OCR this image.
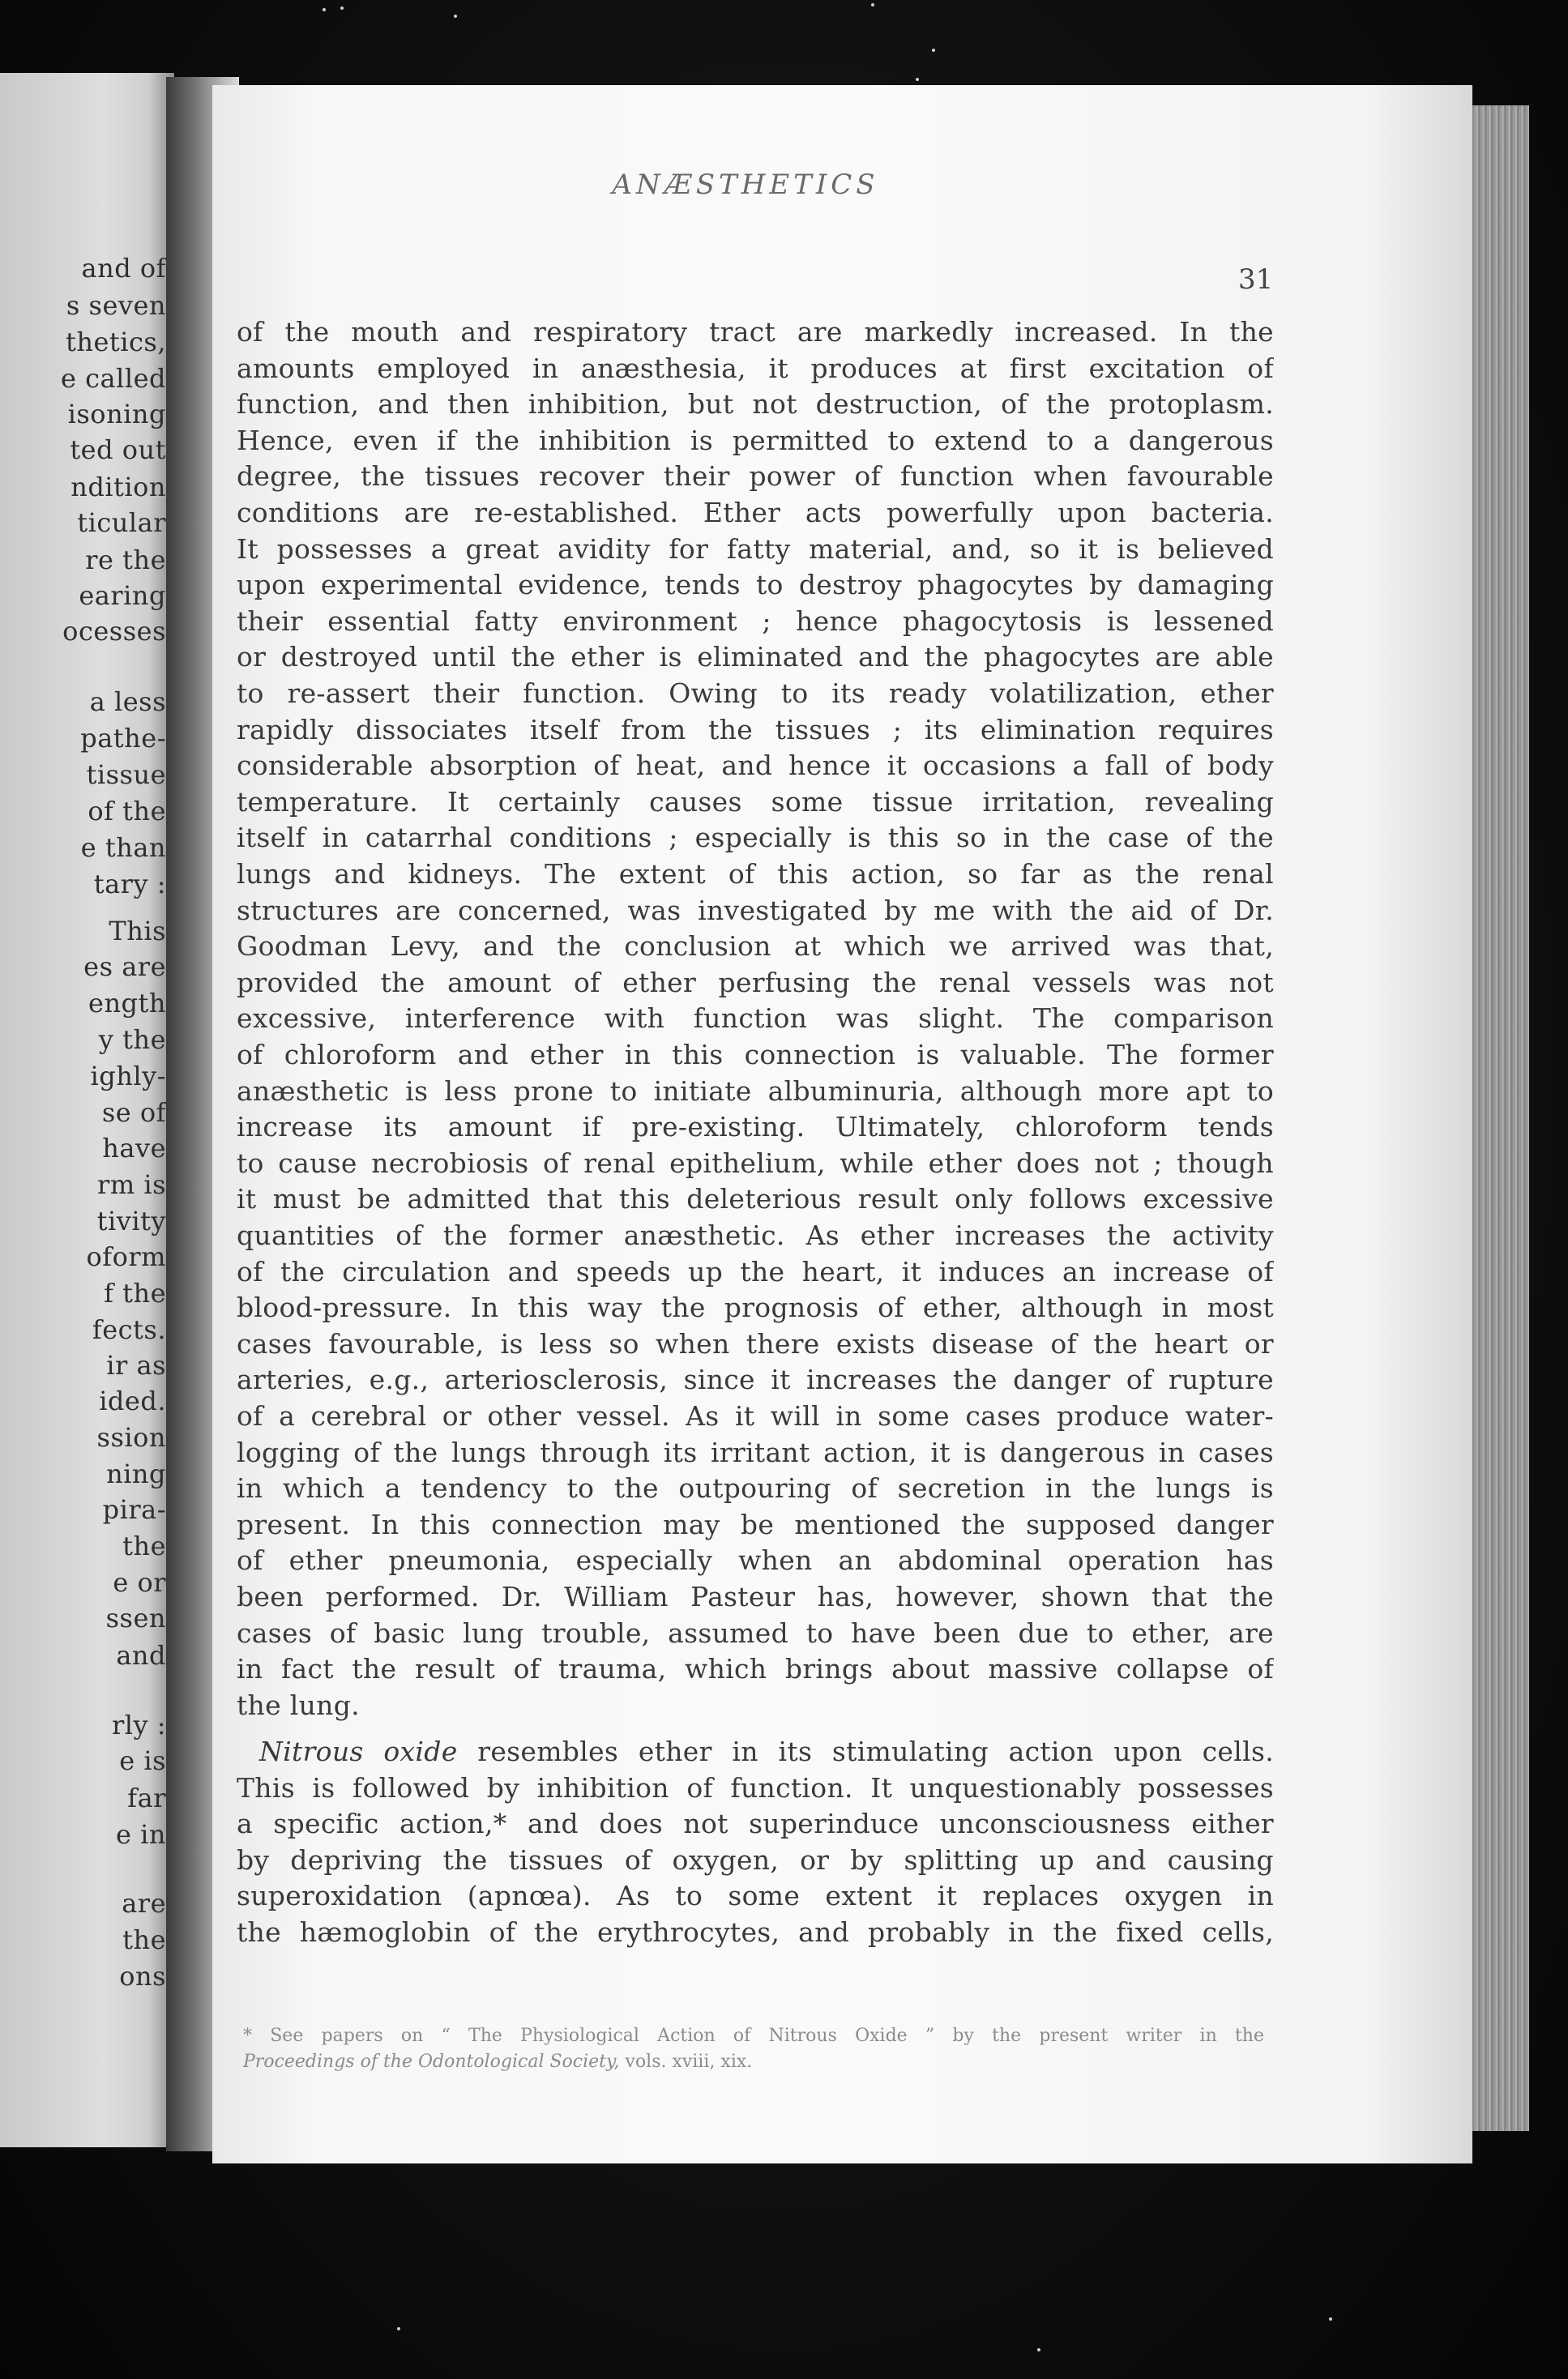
and of
s seven
thetics,
e called
isoning
ted out
ndition
ticular
re the
earing
ocesses
a less
pathe-
tissue
of the
e than
tary :
This
es are
ength
y the
ighly-
se of
have
rm is
tivity
oform
f the
fects.
ir as
ided.
ssion
ning
pira-
the
e or
ssen
and
rly :
e is
far
e in
are
the
ons
ANÆSTHETICS
31
of the mouth and respiratory tract are markedly increased. In the
amounts employed in anæsthesia, it produces at first excitation of
function, and then inhibition, but not destruction, of the protoplasm.
Hence, even if the inhibition is permitted to extend to a dangerous
degree, the tissues recover their power of function when favourable
conditions are re-established. Ether acts powerfully upon bacteria.
It possesses a great avidity for fatty material, and, so it is believed
upon experimental evidence, tends to destroy phagocytes by damaging
their essential fatty environment ; hence phagocytosis is lessened
or destroyed until the ether is eliminated and the phagocytes are able
to re-assert their function. Owing to its ready volatilization, ether
rapidly dissociates itself from the tissues ; its elimination requires
considerable absorption of heat, and hence it occasions a fall of body
temperature. It certainly causes some tissue irritation, revealing
itself in catarrhal conditions ; especially is this so in the case of the
lungs and kidneys. The extent of this action, so far as the renal
structures are concerned, was investigated by me with the aid of Dr.
Goodman Levy, and the conclusion at which we arrived was that,
provided the amount of ether perfusing the renal vessels was not
excessive, interference with function was slight. The comparison
of chloroform and ether in this connection is valuable. The former
anæsthetic is less prone to initiate albuminuria, although more apt to
increase its amount if pre-existing. Ultimately, chloroform tends
to cause necrobiosis of renal epithelium, while ether does not ; though
it must be admitted that this deleterious result only follows excessive
quantities of the former anæsthetic. As ether increases the activity
of the circulation and speeds up the heart, it induces an increase of
blood-pressure. In this way the prognosis of ether, although in most
cases favourable, is less so when there exists disease of the heart or
arteries, e.g., arteriosclerosis, since it increases the danger of rupture
of a cerebral or other vessel. As it will in some cases produce water-
logging of the lungs through its irritant action, it is dangerous in cases
in which a tendency to the outpouring of secretion in the lungs is
present. In this connection may be mentioned the supposed danger
of ether pneumonia, especially when an abdominal operation has
been performed. Dr. William Pasteur has, however, shown that the
cases of basic lung trouble, assumed to have been due to ether, are
in fact the result of trauma, which brings about massive collapse of
the lung.
Nitrous oxide resembles ether in its stimulating action upon cells.
This is followed by inhibition of function. It unquestionably possesses
a specific action,* and does not superinduce unconsciousness either
by depriving the tissues of oxygen, or by splitting up and causing
superoxidation (apnœa). As to some extent it replaces oxygen in
the hæmoglobin of the erythrocytes, and probably in the fixed cells,
* See papers on “ The Physiological Action of Nitrous Oxide ” by the present writer in the
Proceedings of the Odontological Society, vols. xviii, xix.
